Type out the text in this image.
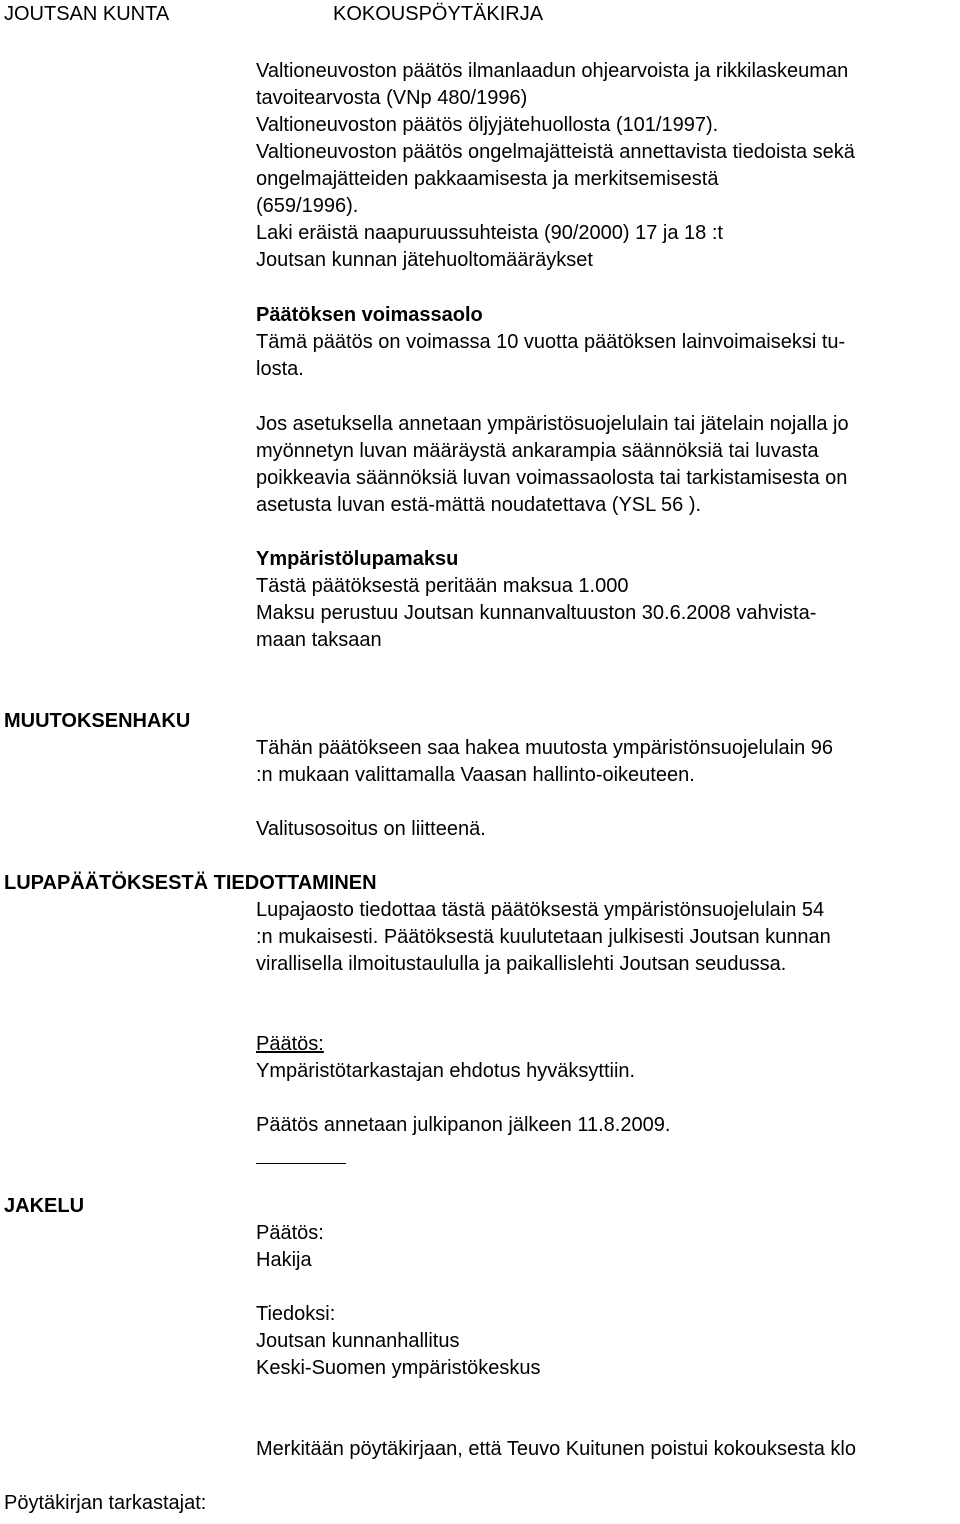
JOUTSAN KUNTA	KOKOUSPÖYTÄKIRJA
Valtioneuvoston päätös ilmanlaadun ohjearvoista ja rikkilaskeuman
tavoitearvosta (VNp 480/1996)
Valtioneuvoston päätös öljyjätehuollosta (101/1997).
Valtioneuvoston päätös ongelmajätteistä annettavista tiedoista sekä
ongelmajätteiden pakkaamisesta ja merkitsemisestä
(659/1996).
Laki eräistä naapuruussuhteista (90/2000) 17 ja 18 :t
Joutsan kunnan jätehuoltomääräykset
Päätöksen voimassaolo
Tämä päätös on voimassa 10 vuotta päätöksen lainvoimaiseksi tu-
losta.
Jos asetuksella annetaan ympäristösuojelulain tai jätelain nojalla jo
myönnetyn luvan määräystä ankarampia säännöksiä tai luvasta
poikkeavia säännöksiä luvan voimassaolosta tai tarkistamisesta on
asetusta luvan estä-mättä noudatettava (YSL 56 ).
Ympäristölupamaksu
Tästä päätöksestä peritään maksua 1.000
Maksu perustuu Joutsan kunnanvaltuuston 30.6.2008 vahvista-
maan taksaan
MUUTOKSENHAKU
Tähän päätökseen saa hakea muutosta ympäristönsuojelulain 96
:n mukaan valittamalla Vaasan hallinto-oikeuteen.
Valitusosoitus on liitteenä.
LUPAPÄÄTÖKSESTÄ TIEDOTTAMINEN
Lupajaosto tiedottaa tästä päätöksestä ympäristönsuojelulain 54
:n mukaisesti. Päätöksestä kuulutetaan julkisesti Joutsan kunnan
virallisella ilmoitustaululla ja paikallislehti Joutsan seudussa.
Päätös:
Ympäristötarkastajan ehdotus hyväksyttiin.
Päätös annetaan julkipanon jälkeen 11.8.2009.
JAKELU
Päätös:
Hakija
Tiedoksi:
Joutsan kunnanhallitus
Keski-Suomen ympäristökeskus
Merkitään pöytäkirjaan, että Teuvo Kuitunen poistui kokouksesta klo
Pöytäkirjan tarkastajat:
